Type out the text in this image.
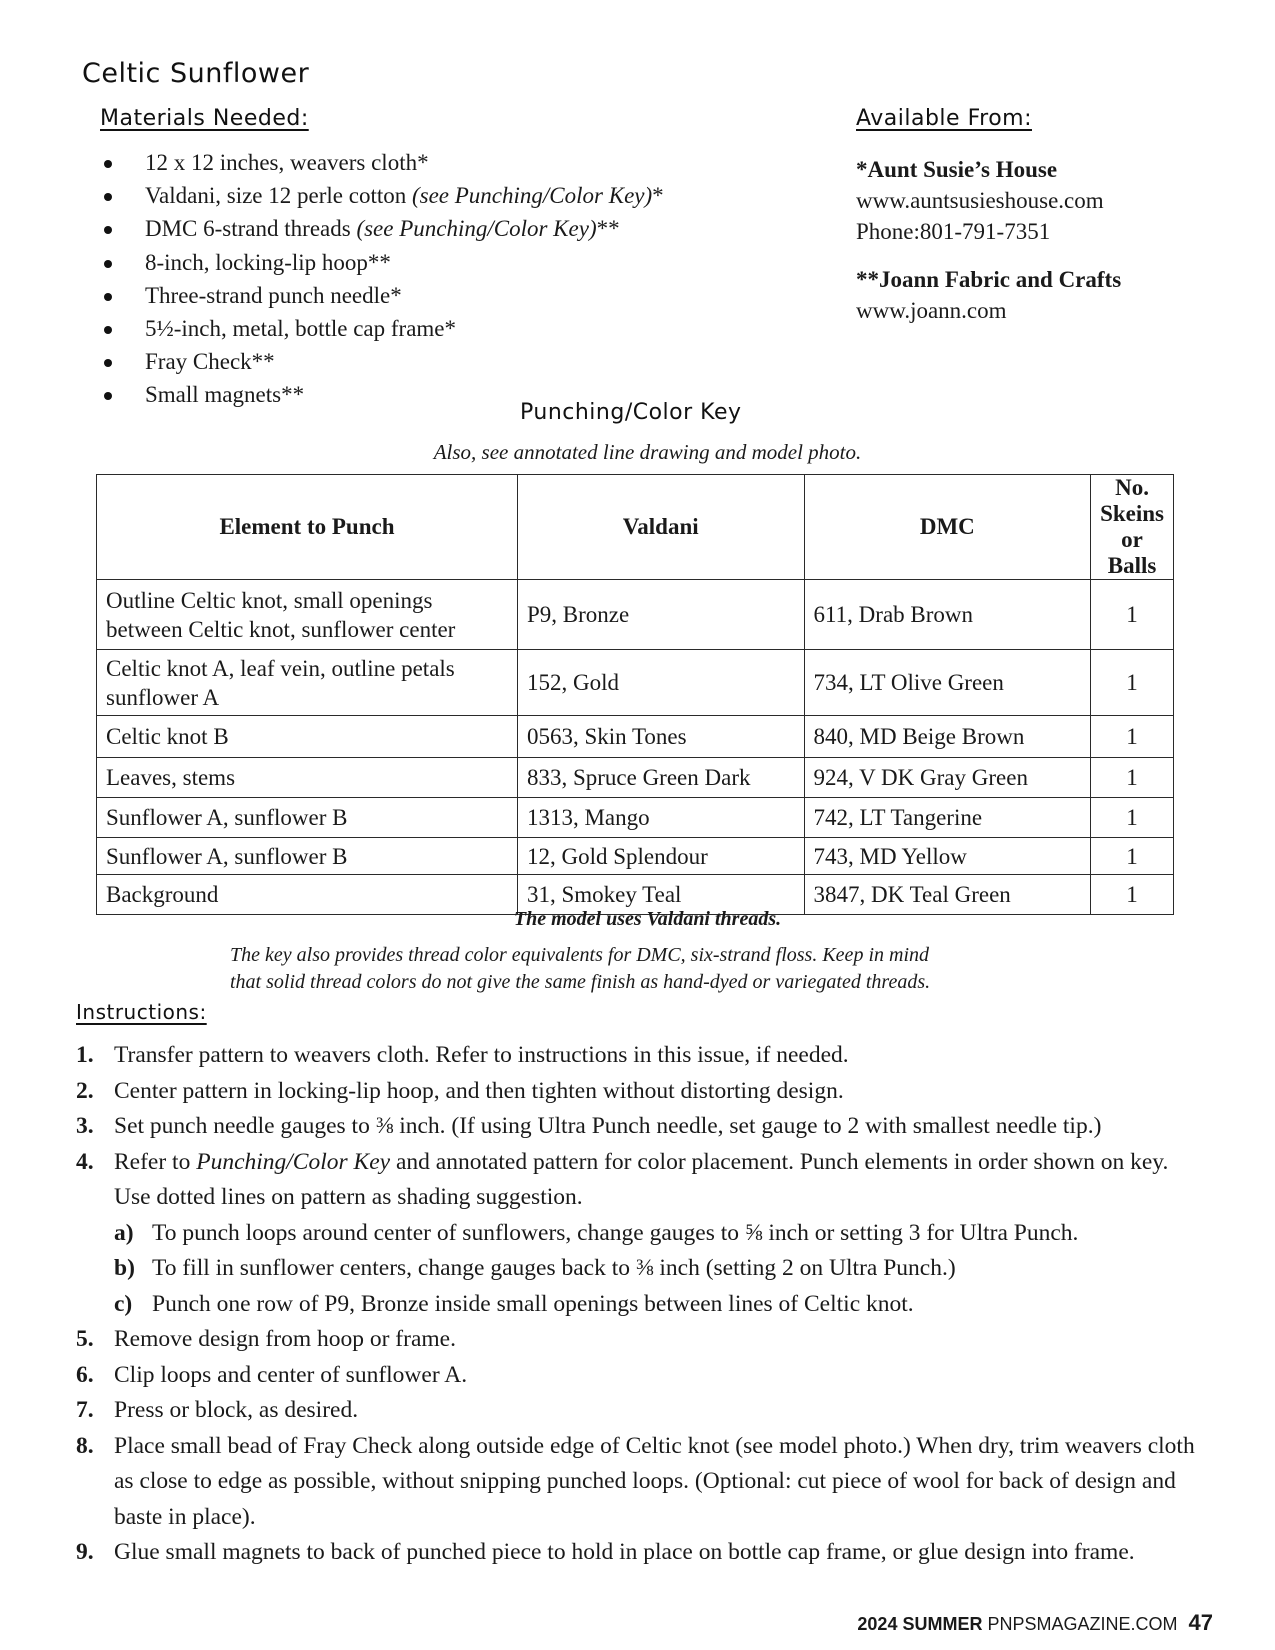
Celtic Sunflower
Materials Needed:
12 x 12 inches, weavers cloth*
Valdani, size 12 perle cotton (see Punching/Color Key)*
DMC 6-strand threads (see Punching/Color Key)**
8-inch, locking-lip hoop**
Three-strand punch needle*
5½-inch, metal, bottle cap frame*
Fray Check**
Small magnets**
Available From:
*Aunt Susie’s House
www.auntsusieshouse.com
Phone:801-791-7351
**Joann Fabric and Crafts
www.joann.com
Punching/Color Key
Also, see annotated line drawing and model photo.
Element to Punch	Valdani	DMC	No. Skeins or Balls
Outline Celtic knot, small openings between Celtic knot, sunflower center	P9, Bronze	611, Drab Brown	1
Celtic knot A, leaf vein, outline petals sunflower A	152, Gold	734, LT Olive Green	1
Celtic knot B	0563, Skin Tones	840, MD Beige Brown	1
Leaves, stems	833, Spruce Green Dark	924, V DK Gray Green	1
Sunflower A, sunflower B	1313, Mango	742, LT Tangerine	1
Sunflower A, sunflower B	12, Gold Splendour	743, MD Yellow	1
Background	31, Smokey Teal	3847, DK Teal Green	1
The model uses Valdani threads.
The key also provides thread color equivalents for DMC, six-strand floss. Keep in mind
that solid thread colors do not give the same finish as hand-dyed or variegated threads.
Instructions:
1. Transfer pattern to weavers cloth. Refer to instructions in this issue, if needed.
2. Center pattern in locking-lip hoop, and then tighten without distorting design.
3. Set punch needle gauges to ⅜ inch. (If using Ultra Punch needle, set gauge to 2 with smallest needle tip.)
4. Refer to Punching/Color Key and annotated pattern for color placement. Punch elements in order shown on key. Use dotted lines on pattern as shading suggestion.
a) To punch loops around center of sunflowers, change gauges to ⅝ inch or setting 3 for Ultra Punch.
b) To fill in sunflower centers, change gauges back to ⅜ inch (setting 2 on Ultra Punch.)
c) Punch one row of P9, Bronze inside small openings between lines of Celtic knot.
5. Remove design from hoop or frame.
6. Clip loops and center of sunflower A.
7. Press or block, as desired.
8. Place small bead of Fray Check along outside edge of Celtic knot (see model photo.) When dry, trim weavers cloth as close to edge as possible, without snipping punched loops. (Optional: cut piece of wool for back of design and baste in place).
9. Glue small magnets to back of punched piece to hold in place on bottle cap frame, or glue design into frame.
2024 SUMMER PNPSMAGAZINE.COM 47
